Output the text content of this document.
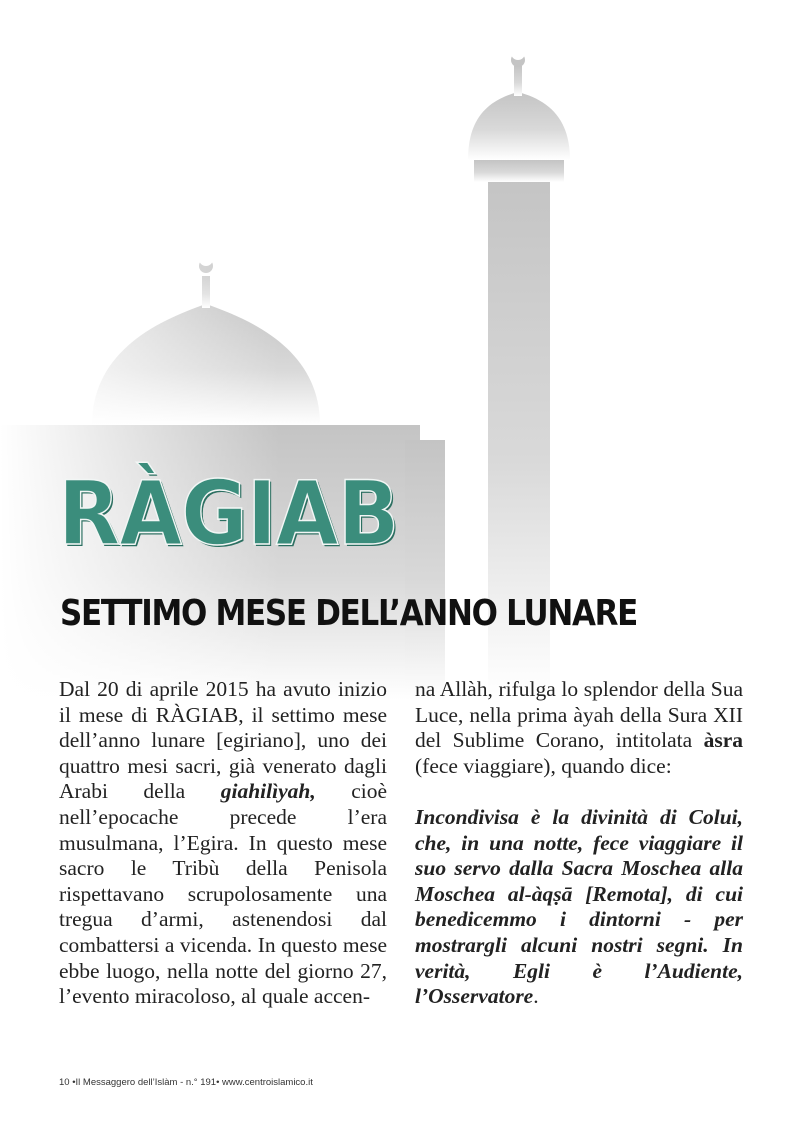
RÀGIAB
SETTIMO MESE DELL’ANNO LUNARE

Dal 20 di aprile 2015 ha avuto inizio il mese di RÀGIAB, il settimo mese dell’anno lunare [egiriano], uno dei quattro mesi sacri, già venerato dagli Arabi della giahilìyah, cioè nell’epocache precede l’era musulmana, l’Egira. In questo mese sacro le Tribù della Penisola rispettavano scrupolosamente una tregua d’armi, astenendosi dal combattersi a vicenda. In questo mese ebbe luogo, nella notte del giorno 27, l’evento miracoloso, al quale accen-

na Allàh, rifulga lo splendor della Sua Luce, nella prima àyah della Sura XII del Sublime Corano, intitolata àsra (fece viaggiare), quando dice:

Incondivisa è la divinità di Colui, che, in una notte, fece viaggiare il suo servo dalla Sacra Moschea alla Moschea al-àqṣā [Remota], di cui benedicemmo i dintorni - per mostrargli alcuni nostri segni. In verità, Egli è l’Audiente, l’Osservatore.

10 •Il Messaggero dell’Islàm - n.° 191• www.centroislamico.it
